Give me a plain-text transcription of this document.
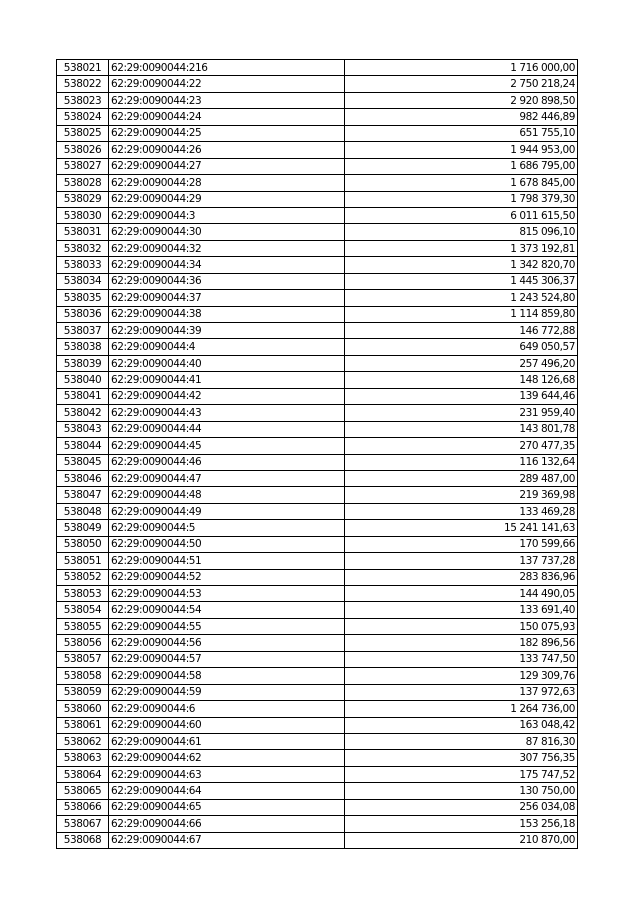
538021	62:29:0090044:216	1 716 000,00
538022	62:29:0090044:22	2 750 218,24
538023	62:29:0090044:23	2 920 898,50
538024	62:29:0090044:24	982 446,89
538025	62:29:0090044:25	651 755,10
538026	62:29:0090044:26	1 944 953,00
538027	62:29:0090044:27	1 686 795,00
538028	62:29:0090044:28	1 678 845,00
538029	62:29:0090044:29	1 798 379,30
538030	62:29:0090044:3	6 011 615,50
538031	62:29:0090044:30	815 096,10
538032	62:29:0090044:32	1 373 192,81
538033	62:29:0090044:34	1 342 820,70
538034	62:29:0090044:36	1 445 306,37
538035	62:29:0090044:37	1 243 524,80
538036	62:29:0090044:38	1 114 859,80
538037	62:29:0090044:39	146 772,88
538038	62:29:0090044:4	649 050,57
538039	62:29:0090044:40	257 496,20
538040	62:29:0090044:41	148 126,68
538041	62:29:0090044:42	139 644,46
538042	62:29:0090044:43	231 959,40
538043	62:29:0090044:44	143 801,78
538044	62:29:0090044:45	270 477,35
538045	62:29:0090044:46	116 132,64
538046	62:29:0090044:47	289 487,00
538047	62:29:0090044:48	219 369,98
538048	62:29:0090044:49	133 469,28
538049	62:29:0090044:5	15 241 141,63
538050	62:29:0090044:50	170 599,66
538051	62:29:0090044:51	137 737,28
538052	62:29:0090044:52	283 836,96
538053	62:29:0090044:53	144 490,05
538054	62:29:0090044:54	133 691,40
538055	62:29:0090044:55	150 075,93
538056	62:29:0090044:56	182 896,56
538057	62:29:0090044:57	133 747,50
538058	62:29:0090044:58	129 309,76
538059	62:29:0090044:59	137 972,63
538060	62:29:0090044:6	1 264 736,00
538061	62:29:0090044:60	163 048,42
538062	62:29:0090044:61	87 816,30
538063	62:29:0090044:62	307 756,35
538064	62:29:0090044:63	175 747,52
538065	62:29:0090044:64	130 750,00
538066	62:29:0090044:65	256 034,08
538067	62:29:0090044:66	153 256,18
538068	62:29:0090044:67	210 870,00
